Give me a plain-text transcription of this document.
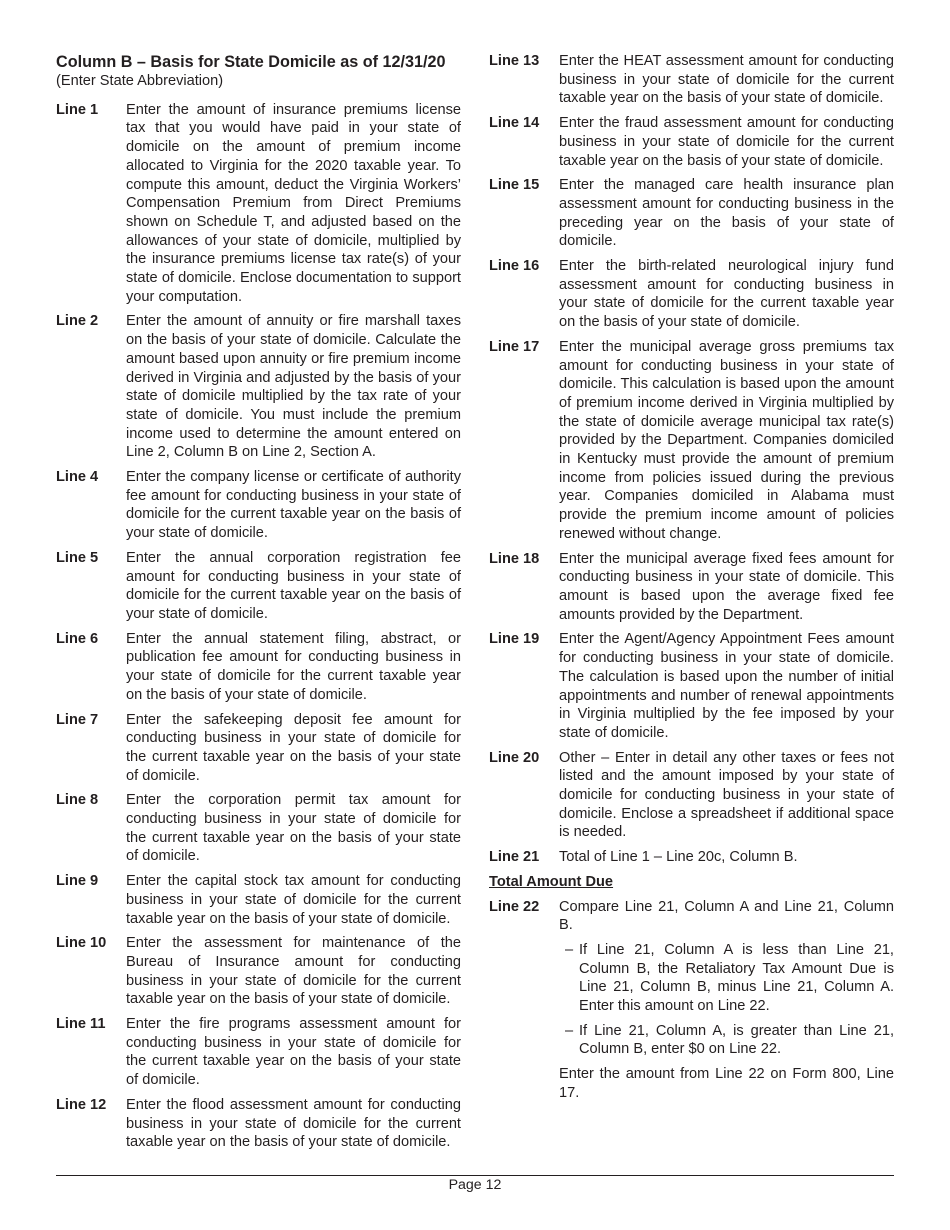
Column B – Basis for State Domicile as of 12/31/20
(Enter State Abbreviation)
Line 1	Enter the amount of insurance premiums license tax that you would have paid in your state of domicile on the amount of premium income allocated to Virginia for the 2020 taxable year. To compute this amount, deduct the Virginia Workers’ Compensation Premium from Direct Premiums shown on Schedule T, and adjusted based on the allowances of your state of domicile, multiplied by the insurance premiums license tax rate(s) of your state of domicile. Enclose documentation to support your computation.
Line 2	Enter the amount of annuity or fire marshall taxes on the basis of your state of domicile. Calculate the amount based upon annuity or fire premium income derived in Virginia and adjusted by the basis of your state of domicile multiplied by the tax rate of your state of domicile. You must include the premium income used to determine the amount entered on Line 2, Column B on Line 2, Section A.
Line 4	Enter the company license or certificate of authority fee amount for conducting business in your state of domicile for the current taxable year on the basis of your state of domicile.
Line 5	Enter the annual corporation registration fee amount for conducting business in your state of domicile for the current taxable year on the basis of your state of domicile.
Line 6	Enter the annual statement filing, abstract, or publication fee amount for conducting business in your state of domicile for the current taxable year on the basis of your state of domicile.
Line 7	Enter the safekeeping deposit fee amount for conducting business in your state of domicile for the current taxable year on the basis of your state of domicile.
Line 8	Enter the corporation permit tax amount for conducting business in your state of domicile for the current taxable year on the basis of your state of domicile.
Line 9	Enter the capital stock tax amount for conducting business in your state of domicile for the current taxable year on the basis of your state of domicile.
Line 10	Enter the assessment for maintenance of the Bureau of Insurance amount for conducting business in your state of domicile for the current taxable year on the basis of your state of domicile.
Line 11	Enter the fire programs assessment amount for conducting business in your state of domicile for the current taxable year on the basis of your state of domicile.
Line 12	Enter the flood assessment amount for conducting business in your state of domicile for the current taxable year on the basis of your state of domicile.
Line 13	Enter the HEAT assessment amount for conducting business in your state of domicile for the current taxable year on the basis of your state of domicile.
Line 14	Enter the fraud assessment amount for conducting business in your state of domicile for the current taxable year on the basis of your state of domicile.
Line 15	Enter the managed care health insurance plan assessment amount for conducting business in the preceding year on the basis of your state of domicile.
Line 16	Enter the birth-related neurological injury fund assessment amount for conducting business in your state of domicile for the current taxable year on the basis of your state of domicile.
Line 17	Enter the municipal average gross premiums tax amount for conducting business in your state of domicile. This calculation is based upon the amount of premium income derived in Virginia multiplied by the state of domicile average municipal tax rate(s) provided by the Department. Companies domiciled in Kentucky must provide the amount of premium income from policies issued during the previous year. Companies domiciled in Alabama must provide the premium income amount of policies renewed without change.
Line 18	Enter the municipal average fixed fees amount for conducting business in your state of domicile. This amount is based upon the average fixed fee amounts provided by the Department.
Line 19	Enter the Agent/Agency Appointment Fees amount for conducting business in your state of domicile. The calculation is based upon the number of initial appointments and number of renewal appointments in Virginia multiplied by the fee imposed by your state of domicile.
Line 20	Other – Enter in detail any other taxes or fees not listed and the amount imposed by your state of domicile for conducting business in your state of domicile. Enclose a spreadsheet if additional space is needed.
Line 21	Total of Line 1 – Line 20c, Column B.
Total Amount Due
Line 22	Compare Line 21, Column A and Line 21, Column B.
– If Line 21, Column A is less than Line 21, Column B, the Retaliatory Tax Amount Due is Line 21, Column B, minus Line 21, Column A. Enter this amount on Line 22.
– If Line 21, Column A, is greater than Line 21, Column B, enter $0 on Line 22.
Enter the amount from Line 22 on Form 800, Line 17.
Page 12
